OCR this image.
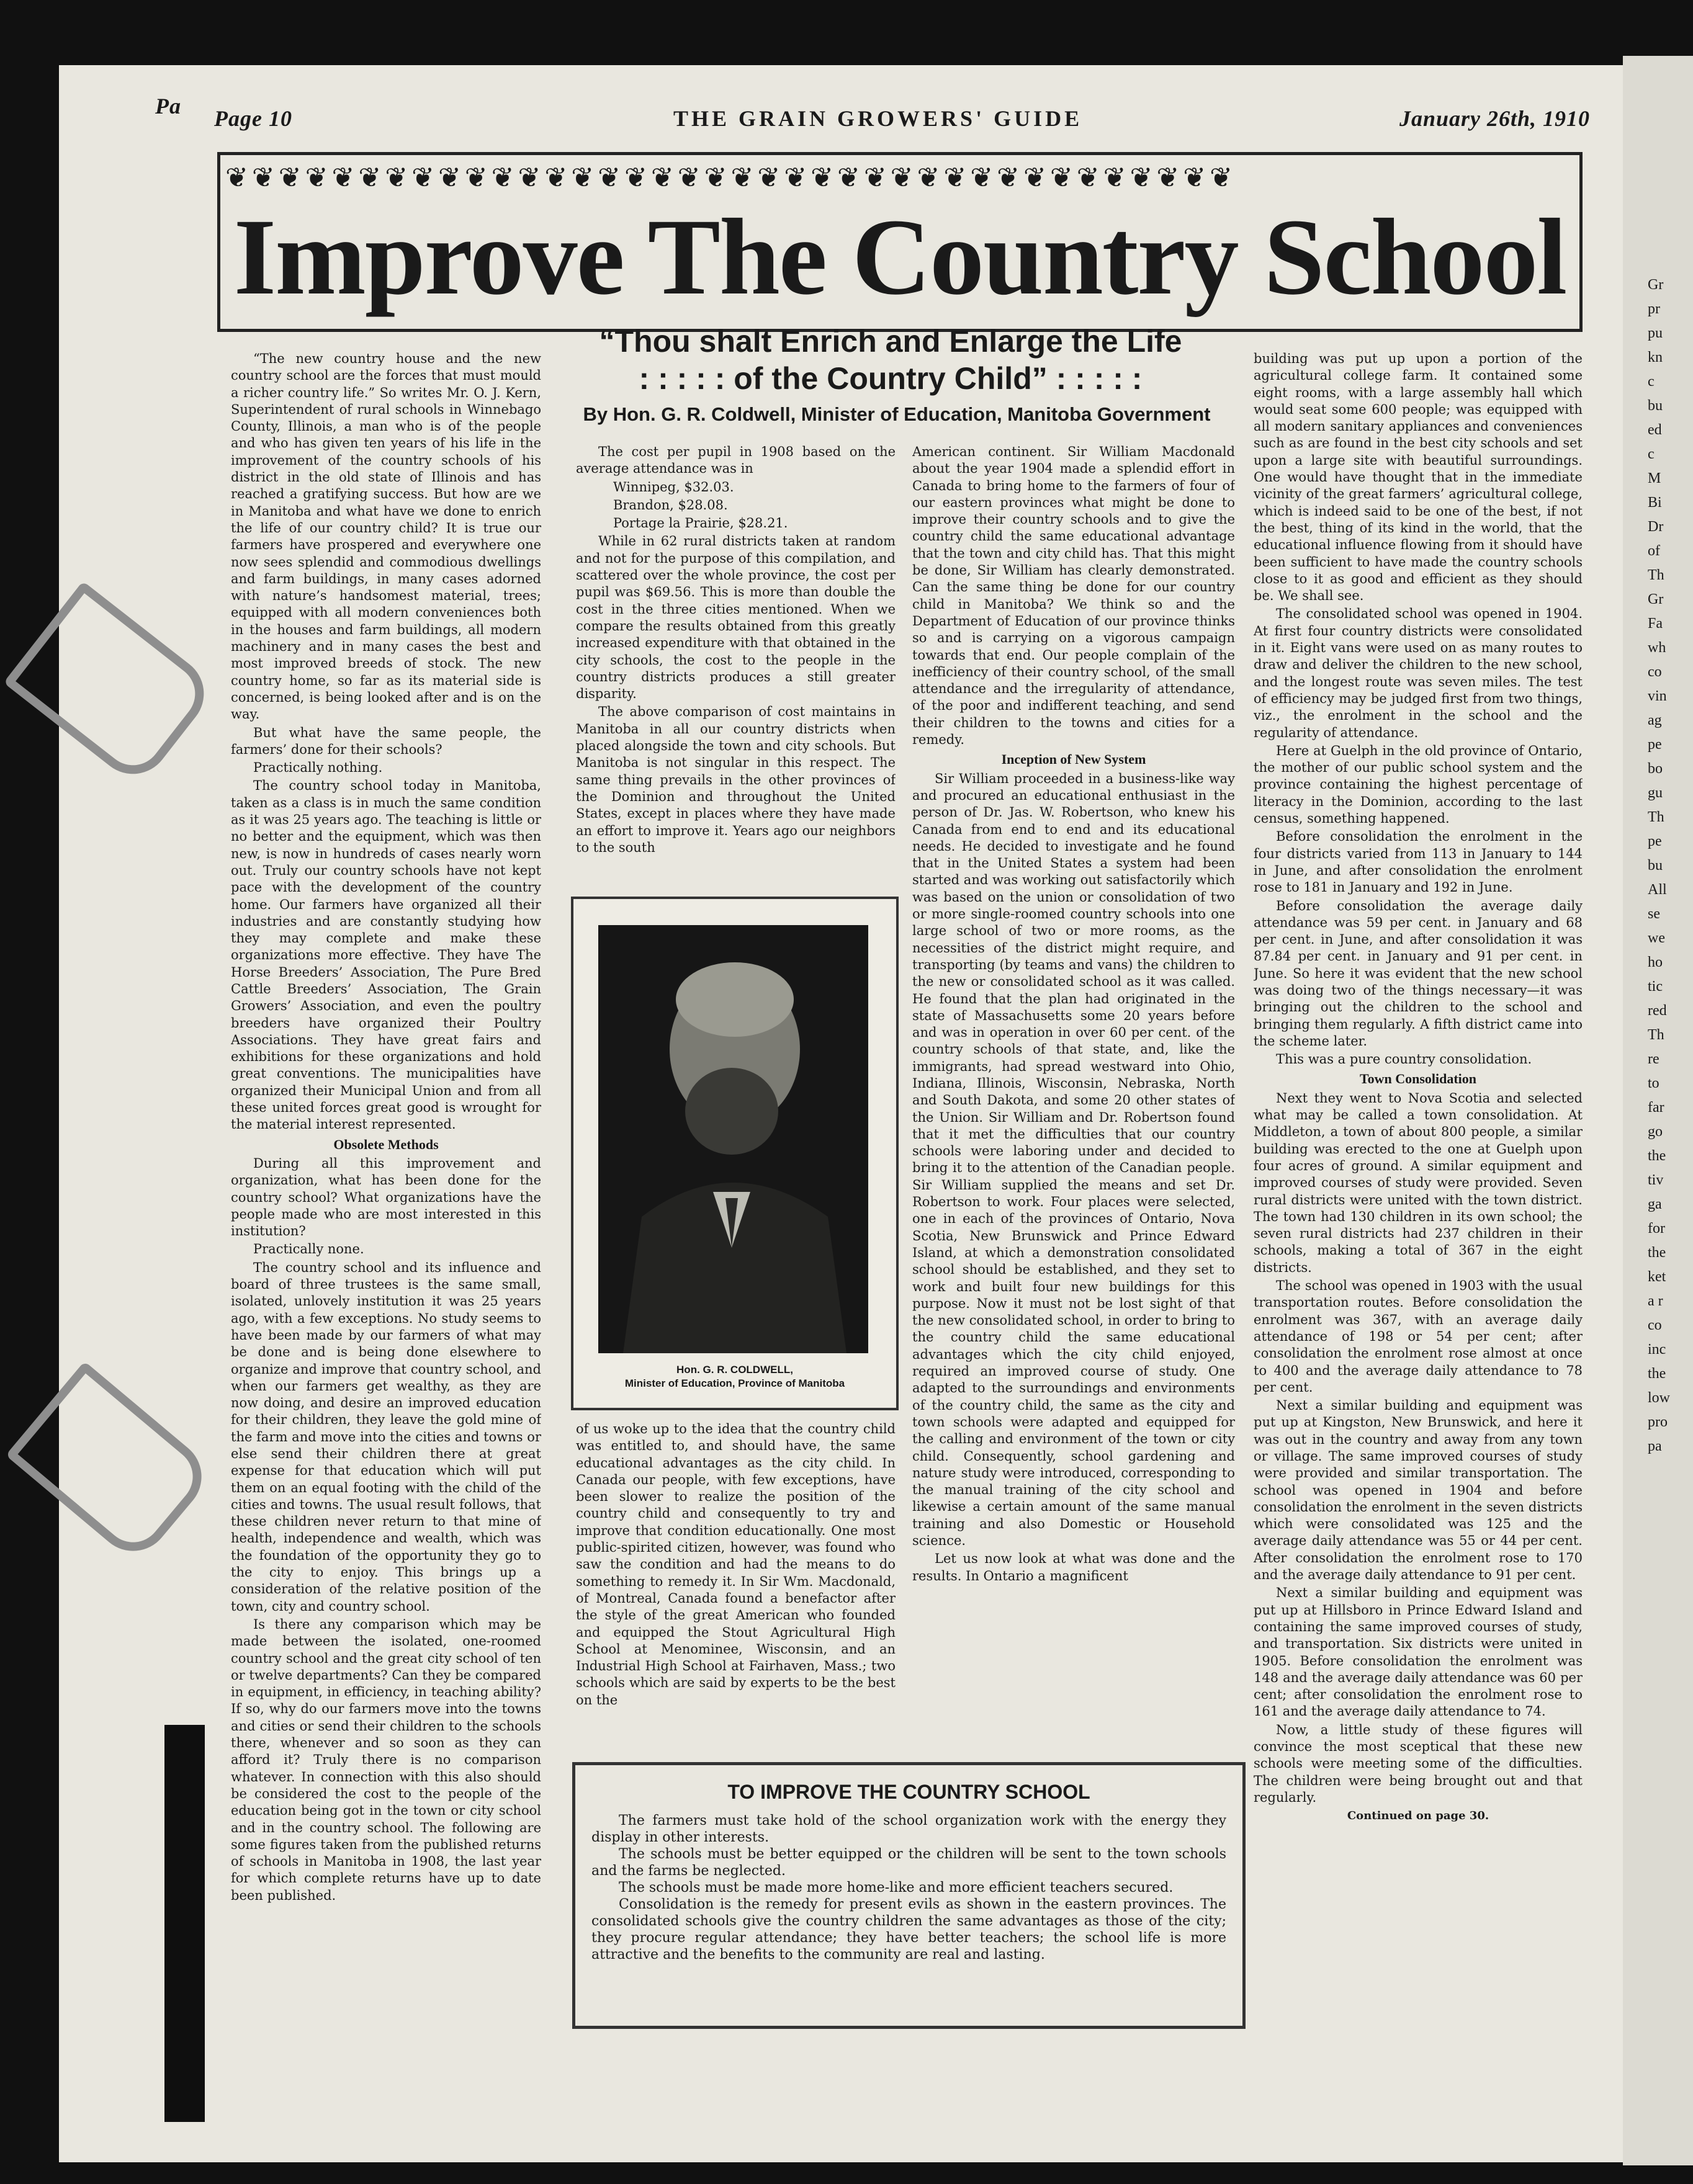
Pa Page 10	THE GRAIN GROWERS' GUIDE	January 26th, 1910
❦❦❦❦❦❦❦❦❦❦❦❦❦❦❦❦❦❦❦❦❦❦❦❦❦❦❦❦❦❦❦❦❦❦❦❦❦❦
Improve The Country School
“Thou shalt Enrich and Enlarge the Life
: : : : : of the Country Child” : : : : :
By Hon. G. R. Coldwell, Minister of Education, Manitoba Government

“The new country house and the new country school are the forces that must mould a richer country life.” So writes Mr. O. J. Kern, Superintendent of rural schools in Winnebago County, Illinois, a man who is of the people and who has given ten years of his life in the improvement of the country schools of his district in the old state of Illinois and has reached a gratifying success. But how are we in Manitoba and what have we done to enrich the life of our country child? It is true our farmers have prospered and everywhere one now sees splendid and commodious dwellings and farm buildings, in many cases adorned with nature’s handsomest material, trees; equipped with all modern conveniences both in the houses and farm buildings, all modern machinery and in many cases the best and most improved breeds of stock. The new country home, so far as its material side is concerned, is being looked after and is on the way.

But what have the same people, the farmers’ done for their schools?

Practically nothing.

The country school today in Manitoba, taken as a class is in much the same condition as it was 25 years ago. The teaching is little or no better and the equipment, which was then new, is now in hundreds of cases nearly worn out. Truly our country schools have not kept pace with the development of the country home. Our farmers have organized all their industries and are constantly studying how they may complete and make these organizations more effective. They have The Horse Breeders’ Association, The Pure Bred Cattle Breeders’ Association, The Grain Growers’ Association, and even the poultry breeders have organized their Poultry Associations. They have great fairs and exhibitions for these organizations and hold great conventions. The municipalities have organized their Municipal Union and from all these united forces great good is wrought for the material interest represented.

Obsolete Methods

During all this improvement and organization, what has been done for the country school? What organizations have the people made who are most interested in this institution?

Practically none.

The country school and its influence and board of three trustees is the same small, isolated, unlovely institution it was 25 years ago, with a few exceptions. No study seems to have been made by our farmers of what may be done and is being done elsewhere to organize and improve that country school, and when our farmers get wealthy, as they are now doing, and desire an improved education for their children, they leave the gold mine of the farm and move into the cities and towns or else send their children there at great expense for that education which will put them on an equal footing with the child of the cities and towns. The usual result follows, that these children never return to that mine of health, independence and wealth, which was the foundation of the opportunity they go to the city to enjoy. This brings up a consideration of the relative position of the town, city and country school.

Is there any comparison which may be made between the isolated, one-roomed country school and the great city school of ten or twelve departments? Can they be compared in equipment, in efficiency, in teaching ability? If so, why do our farmers move into the towns and cities or send their children to the schools there, whenever and so soon as they can afford it? Truly there is no comparison whatever. In connection with this also should be considered the cost to the people of the education being got in the town or city school and in the country school. The following are some figures taken from the published returns of schools in Manitoba in 1908, the last year for which complete returns have up to date been published.

The cost per pupil in 1908 based on the average attendance was in

Winnipeg, $32.03.

Brandon, $28.08.

Portage la Prairie, $28.21.

While in 62 rural districts taken at random and not for the purpose of this compilation, and scattered over the whole province, the cost per pupil was $69.56. This is more than double the cost in the three cities mentioned. When we compare the results obtained from this greatly increased expenditure with that obtained in the city schools, the cost to the people in the country districts produces a still greater disparity.

The above comparison of cost maintains in Manitoba in all our country districts when placed alongside the town and city schools. But Manitoba is not singular in this respect. The same thing prevails in the other provinces of the Dominion and throughout the United States, except in places where they have made an effort to improve it. Years ago our neighbors to the south

Hon. G. R. COLDWELL,
Minister of Education, Province of Manitoba

of us woke up to the idea that the country child was entitled to, and should have, the same educational advantages as the city child. In Canada our people, with few exceptions, have been slower to realize the position of the country child and consequently to try and improve that condition educationally. One most public-spirited citizen, however, was found who saw the condition and had the means to do something to remedy it. In Sir Wm. Macdonald, of Montreal, Canada found a benefactor after the style of the great American who founded and equipped the Stout Agricultural High School at Menominee, Wisconsin, and an Industrial High School at Fairhaven, Mass.; two schools which are said by experts to be the best on the

American continent. Sir William Macdonald about the year 1904 made a splendid effort in Canada to bring home to the farmers of four of our eastern provinces what might be done to improve their country schools and to give the country child the same educational advantage that the town and city child has. That this might be done, Sir William has clearly demonstrated. Can the same thing be done for our country child in Manitoba? We think so and the Department of Education of our province thinks so and is carrying on a vigorous campaign towards that end. Our people complain of the inefficiency of their country school, of the small attendance and the irregularity of attendance, of the poor and indifferent teaching, and send their children to the towns and cities for a remedy.

Inception of New System

Sir William proceeded in a business-like way and procured an educational enthusiast in the person of Dr. Jas. W. Robertson, who knew his Canada from end to end and its educational needs. He decided to investigate and he found that in the United States a system had been started and was working out satisfactorily which was based on the union or consolidation of two or more single-roomed country schools into one large school of two or more rooms, as the necessities of the district might require, and transporting (by teams and vans) the children to the new or consolidated school as it was called. He found that the plan had originated in the state of Massachusetts some 20 years before and was in operation in over 60 per cent. of the country schools of that state, and, like the immigrants, had spread westward into Ohio, Indiana, Illinois, Wisconsin, Nebraska, North and South Dakota, and some 20 other states of the Union. Sir William and Dr. Robertson found that it met the difficulties that our country schools were laboring under and decided to bring it to the attention of the Canadian people. Sir William supplied the means and set Dr. Robertson to work. Four places were selected, one in each of the provinces of Ontario, Nova Scotia, New Brunswick and Prince Edward Island, at which a demonstration consolidated school should be established, and they set to work and built four new buildings for this purpose. Now it must not be lost sight of that the new consolidated school, in order to bring to the country child the same educational advantages which the city child enjoyed, required an improved course of study. One adapted to the surroundings and environments of the country child, the same as the city and town schools were adapted and equipped for the calling and environment of the town or city child. Consequently, school gardening and nature study were introduced, corresponding to the manual training of the city school and likewise a certain amount of the same manual training and also Domestic or Household science.

Let us now look at what was done and the results. In Ontario a magnificent

building was put up upon a portion of the agricultural college farm. It contained some eight rooms, with a large assembly hall which would seat some 600 people; was equipped with all modern sanitary appliances and conveniences such as are found in the best city schools and set upon a large site with beautiful surroundings. One would have thought that in the immediate vicinity of the great farmers’ agricultural college, which is indeed said to be one of the best, if not the best, thing of its kind in the world, that the educational influence flowing from it should have been sufficient to have made the country schools close to it as good and efficient as they should be. We shall see.

The consolidated school was opened in 1904. At first four country districts were consolidated in it. Eight vans were used on as many routes to draw and deliver the children to the new school, and the longest route was seven miles. The test of efficiency may be judged first from two things, viz., the enrolment in the school and the regularity of attendance.

Here at Guelph in the old province of Ontario, the mother of our public school system and the province containing the highest percentage of literacy in the Dominion, according to the last census, something happened.

Before consolidation the enrolment in the four districts varied from 113 in January to 144 in June, and after consolidation the enrolment rose to 181 in January and 192 in June.

Before consolidation the average daily attendance was 59 per cent. in January and 68 per cent. in June, and after consolidation it was 87.84 per cent. in January and 91 per cent. in June. So here it was evident that the new school was doing two of the things necessary—it was bringing out the children to the school and bringing them regularly. A fifth district came into the scheme later.

This was a pure country consolidation.

Town Consolidation

Next they went to Nova Scotia and selected what may be called a town consolidation. At Middleton, a town of about 800 people, a similar building was erected to the one at Guelph upon four acres of ground. A similar equipment and improved courses of study were provided. Seven rural districts were united with the town district. The town had 130 children in its own school; the seven rural districts had 237 children in their schools, making a total of 367 in the eight districts.

The school was opened in 1903 with the usual transportation routes. Before consolidation the enrolment was 367, with an average daily attendance of 198 or 54 per cent; after consolidation the enrolment rose almost at once to 400 and the average daily attendance to 78 per cent.

Next a similar building and equipment was put up at Kingston, New Brunswick, and here it was out in the country and away from any town or village. The same improved courses of study were provided and similar transportation. The school was opened in 1904 and before consolidation the enrolment in the seven districts which were consolidated was 125 and the average daily attendance was 55 or 44 per cent. After consolidation the enrolment rose to 170 and the average daily attendance to 91 per cent.

Next a similar building and equipment was put up at Hillsboro in Prince Edward Island and containing the same improved courses of study, and transportation. Six districts were united in 1905. Before consolidation the enrolment was 148 and the average daily attendance was 60 per cent; after consolidation the enrolment rose to 161 and the average daily attendance to 74.

Now, a little study of these figures will convince the most sceptical that these new schools were meeting some of the difficulties. The children were being brought out and that regularly.

Continued on page 30.

TO IMPROVE THE COUNTRY SCHOOL

The farmers must take hold of the school organization work with the energy they display in other interests.

The schools must be better equipped or the children will be sent to the town schools and the farms be neglected.

The schools must be made more home-like and more efficient teachers secured.

Consolidation is the remedy for present evils as shown in the eastern provinces. The consolidated schools give the country children the same advantages as those of the city; they procure regular attendance; they have better teachers; the school life is more attractive and the benefits to the community are real and lasting.

Gr
pr
pu
kn
c
bu
ed
c
M
Bi
Dr
of
Th
Gr
Fa
wh
co
vin
ag
pe
bo
gu
Th
pe
bu
All
se
we
ho
tic
red
Th
re
to
far
go
the
tiv
ga
for
the
ket
a r
co
inc
the
low
pro
pa
